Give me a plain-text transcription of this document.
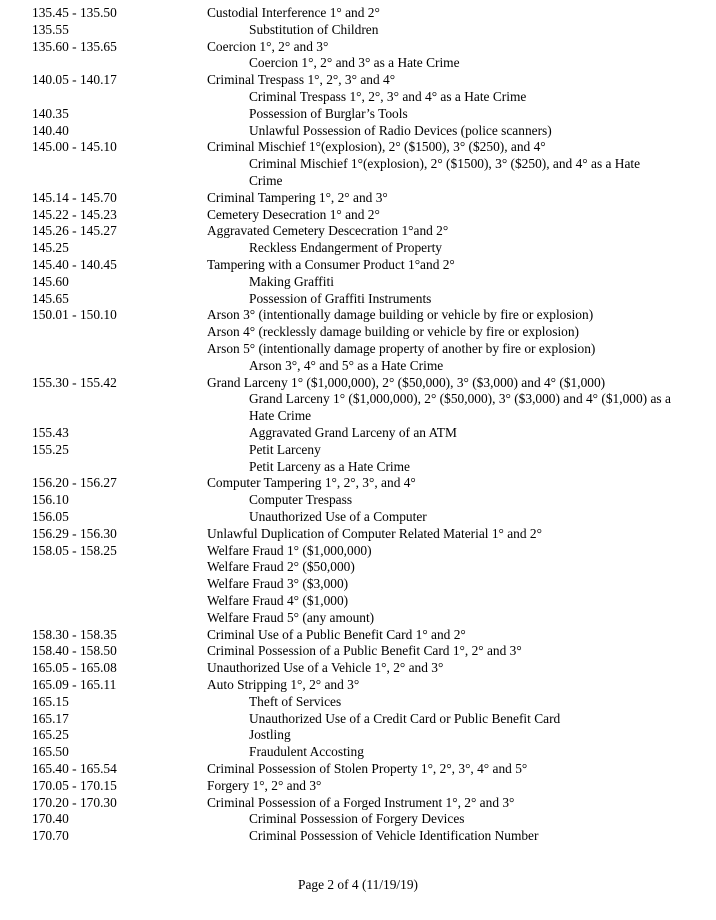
135.45 - 135.50	Custodial Interference 1° and 2°
135.55	Substitution of Children
135.60 - 135.65	Coercion 1°, 2° and 3°
Coercion 1°, 2° and 3° as a Hate Crime
140.05 - 140.17	Criminal Trespass 1°, 2°, 3° and 4°
Criminal Trespass 1°, 2°, 3° and 4° as a Hate Crime
140.35	Possession of Burglar’s Tools
140.40	Unlawful Possession of Radio Devices (police scanners)
145.00 - 145.10	Criminal Mischief 1°(explosion), 2° ($1500), 3° ($250), and 4°
Criminal Mischief 1°(explosion), 2° ($1500), 3° ($250), and 4° as a Hate Crime
145.14 - 145.70	Criminal Tampering 1°, 2° and 3°
145.22 - 145.23	Cemetery Desecration 1° and 2°
145.26 - 145.27	Aggravated Cemetery Descecration 1°and 2°
145.25	Reckless Endangerment of Property
145.40 - 140.45	Tampering with a Consumer Product 1°and 2°
145.60	Making Graffiti
145.65	Possession of Graffiti Instruments
150.01 - 150.10	Arson 3° (intentionally damage building or vehicle by fire or explosion)
Arson 4° (recklessly damage building or vehicle by fire or explosion)
Arson 5° (intentionally damage property of another by fire or explosion)
Arson 3°, 4° and 5° as a Hate Crime
155.30 - 155.42	Grand Larceny 1° ($1,000,000), 2° ($50,000), 3° ($3,000) and 4° ($1,000)
Grand Larceny 1° ($1,000,000), 2° ($50,000), 3° ($3,000) and 4° ($1,000) as a Hate Crime
155.43	Aggravated Grand Larceny of an ATM
155.25	Petit Larceny
Petit Larceny as a Hate Crime
156.20 - 156.27	Computer Tampering 1°, 2°, 3°, and 4°
156.10	Computer Trespass
156.05	Unauthorized Use of a Computer
156.29 - 156.30	Unlawful Duplication of Computer Related Material 1° and 2°
158.05 - 158.25	Welfare Fraud 1° ($1,000,000)
Welfare Fraud 2° ($50,000)
Welfare Fraud 3° ($3,000)
Welfare Fraud 4° ($1,000)
Welfare Fraud 5° (any amount)
158.30 - 158.35	Criminal Use of a Public Benefit Card 1° and 2°
158.40 - 158.50	Criminal Possession of a Public Benefit Card 1°, 2° and 3°
165.05 - 165.08	Unauthorized Use of a Vehicle 1°, 2° and 3°
165.09 - 165.11	Auto Stripping 1°, 2° and 3°
165.15	Theft of Services
165.17	Unauthorized Use of a Credit Card or Public Benefit Card
165.25	Jostling
165.50	Fraudulent Accosting
165.40 - 165.54	Criminal Possession of Stolen Property 1°, 2°, 3°, 4° and 5°
170.05 - 170.15	Forgery 1°, 2° and 3°
170.20 - 170.30	Criminal Possession of a Forged Instrument 1°, 2° and 3°
170.40	Criminal Possession of Forgery Devices
170.70	Criminal Possession of Vehicle Identification Number
Page 2 of 4 (11/19/19)
